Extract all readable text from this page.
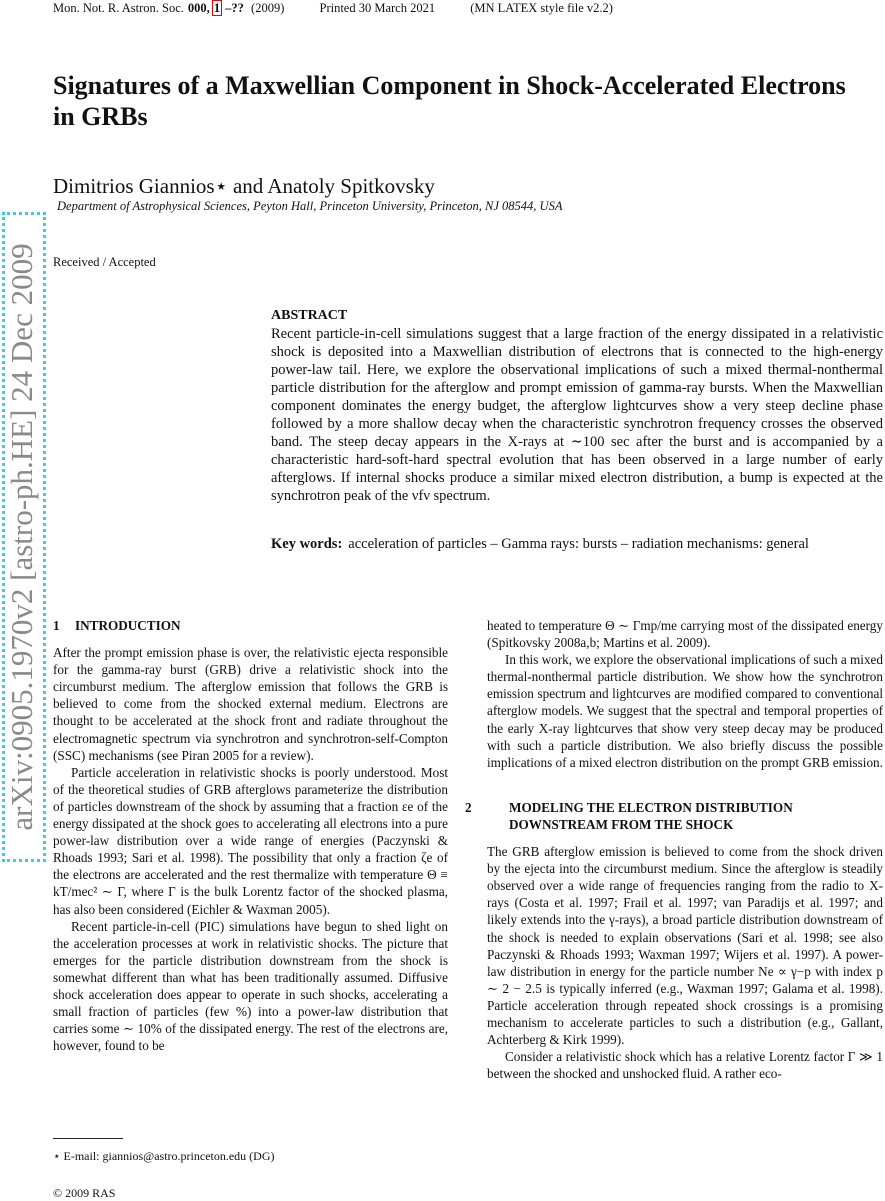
Mon. Not. R. Astron. Soc. 000, 1 –?? (2009)	Printed 30 March 2021	(MN LATEX style file v2.2)
Signatures of a Maxwellian Component in Shock-Accelerated Electrons in GRBs
Dimitrios Giannios⋆ and Anatoly Spitkovsky
Department of Astrophysical Sciences, Peyton Hall, Princeton University, Princeton, NJ 08544, USA
Received / Accepted
arXiv:0905.1970v2 [astro-ph.HE] 24 Dec 2009	ABSTRACT

Recent particle-in-cell simulations suggest that a large fraction of the energy dissipated in a relativistic shock is deposited into a Maxwellian distribution of electrons that is connected to the high-energy power-law tail. Here, we explore the observational implications of such a mixed thermal-nonthermal particle distribution for the afterglow and prompt emission of gamma-ray bursts. When the Maxwellian component dominates the energy budget, the afterglow lightcurves show a very steep decline phase followed by a more shallow decay when the characteristic synchrotron frequency crosses the observed band. The steep decay appears in the X-rays at ∼100 sec after the burst and is accompanied by a characteristic hard-soft-hard spectral evolution that has been observed in a large number of early afterglows. If internal shocks produce a similar mixed electron distribution, a bump is expected at the synchrotron peak of the νfν spectrum.

Key words: acceleration of particles – Gamma rays: bursts – radiation mechanisms: general
1 INTRODUCTION

After the prompt emission phase is over, the relativistic ejecta responsible for the gamma-ray burst (GRB) drive a relativistic shock into the circumburst medium. The afterglow emission that follows the GRB is believed to come from the shocked external medium. Electrons are thought to be accelerated at the shock front and radiate throughout the electromagnetic spectrum via synchrotron and synchrotron-self-Compton (SSC) mechanisms (see Piran 2005 for a review).

Particle acceleration in relativistic shocks is poorly understood. Most of the theoretical studies of GRB afterglows parameterize the distribution of particles downstream of the shock by assuming that a fraction εe of the energy dissipated at the shock goes to accelerating all electrons into a pure power-law distribution over a wide range of energies (Paczynski & Rhoads 1993; Sari et al. 1998). The possibility that only a fraction ζe of the electrons are accelerated and the rest thermalize with temperature Θ ≡ kT/mec² ∼ Γ, where Γ is the bulk Lorentz factor of the shocked plasma, has also been considered (Eichler & Waxman 2005).

Recent particle-in-cell (PIC) simulations have begun to shed light on the acceleration processes at work in relativistic shocks. The picture that emerges for the particle distribution downstream from the shock is somewhat different than what has been traditionally assumed. Diffusive shock acceleration does appear to operate in such shocks, accelerating a small fraction of particles (few %) into a power-law distribution that carries some ∼ 10% of the dissipated energy. The rest of the electrons are, however, found to be

heated to temperature Θ ∼ Γmp/me carrying most of the dissipated energy (Spitkovsky 2008a,b; Martins et al. 2009).

In this work, we explore the observational implications of such a mixed thermal-nonthermal particle distribution. We show how the synchrotron emission spectrum and lightcurves are modified compared to conventional afterglow models. We suggest that the spectral and temporal properties of the early X-ray lightcurves that show very steep decay may be produced with such a particle distribution. We also briefly discuss the possible implications of a mixed electron distribution on the prompt GRB emission.

2	MODELING THE ELECTRON DISTRIBUTION DOWNSTREAM FROM THE SHOCK

The GRB afterglow emission is believed to come from the shock driven by the ejecta into the circumburst medium. Since the afterglow is steadily observed over a wide range of frequencies ranging from the radio to X-rays (Costa et al. 1997; Frail et al. 1997; van Paradijs et al. 1997; and likely extends into the γ-rays), a broad particle distribution downstream of the shock is needed to explain observations (Sari et al. 1998; see also Paczynski & Rhoads 1993; Waxman 1997; Wijers et al. 1997). A power-law distribution in energy for the particle number Ne ∝ γ−p with index p ∼ 2 − 2.5 is typically inferred (e.g., Waxman 1997; Galama et al. 1998). Particle acceleration through repeated shock crossings is a promising mechanism to accelerate particles to such a distribution (e.g., Gallant, Achterberg & Kirk 1999).

Consider a relativistic shock which has a relative Lorentz factor Γ ≫ 1 between the shocked and unshocked fluid. A rather eco-

⋆ E-mail: giannios@astro.princeton.edu (DG)
© 2009 RAS
